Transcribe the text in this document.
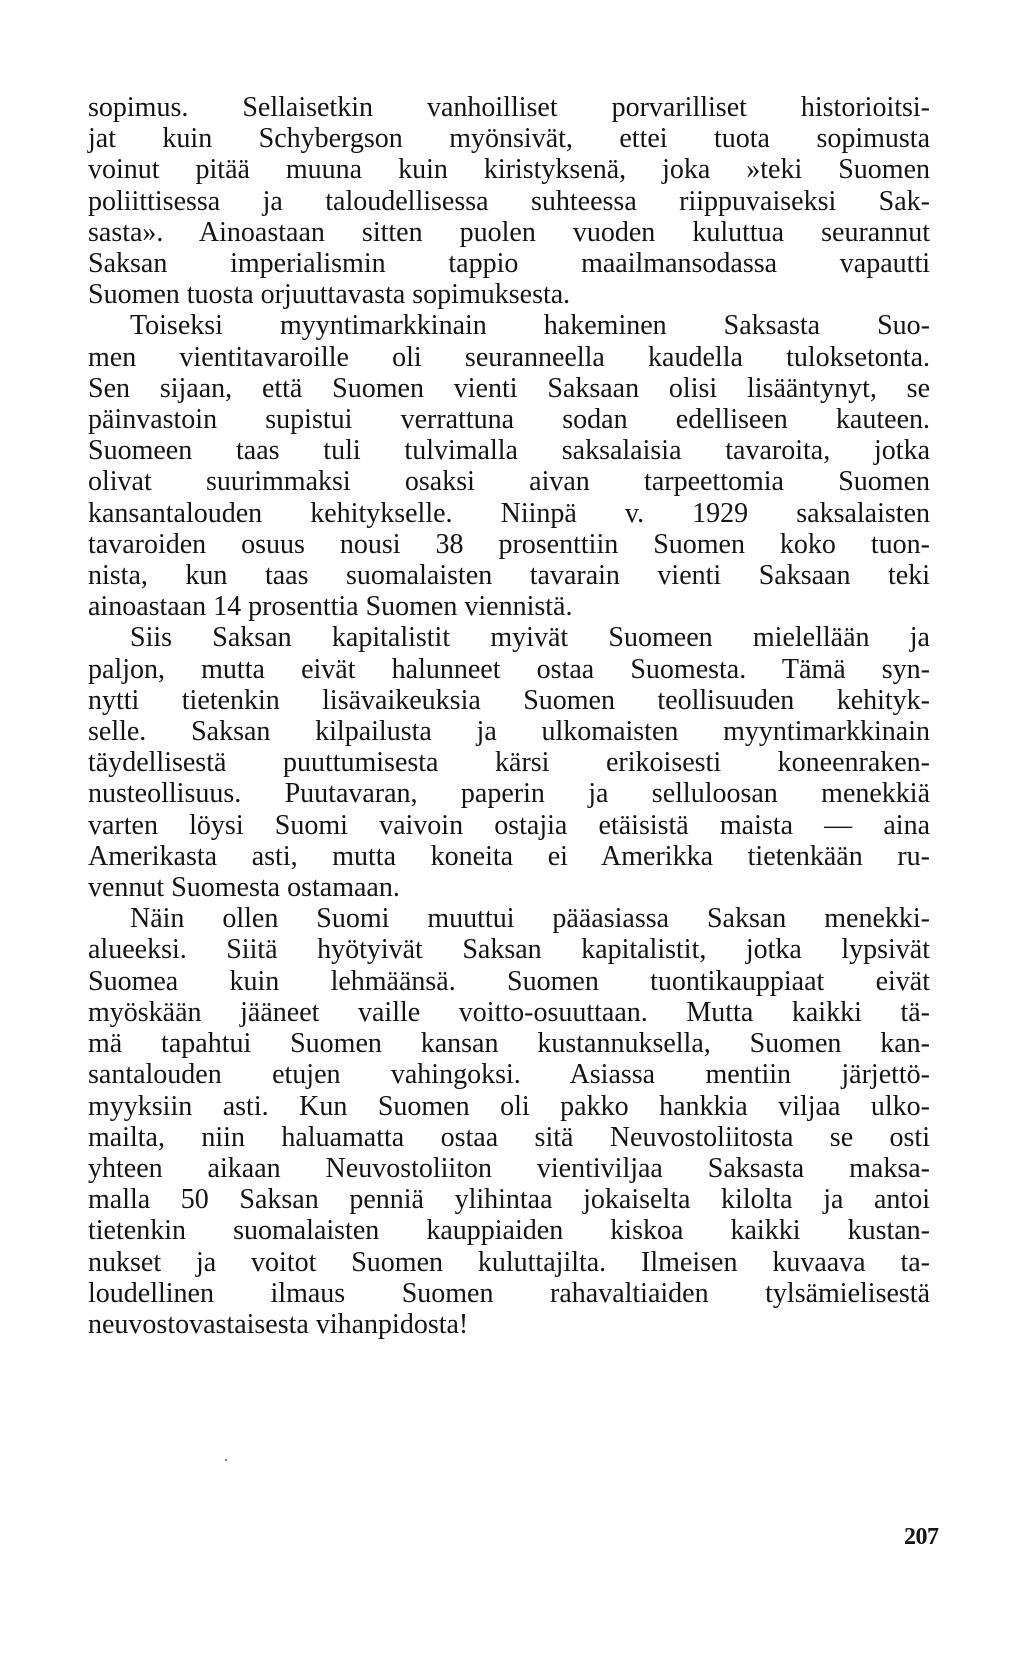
sopimus. Sellaisetkin vanhoilliset porvarilliset historioitsi-
jat kuin Schybergson myönsivät, ettei tuota sopimusta
voinut pitää muuna kuin kiristyksenä, joka »teki Suomen
poliittisessa ja taloudellisessa suhteessa riippuvaiseksi Sak-
sasta». Ainoastaan sitten puolen vuoden kuluttua seurannut
Saksan imperialismin tappio maailmansodassa vapautti
Suomen tuosta orjuuttavasta sopimuksesta.

Toiseksi myyntimarkkinain hakeminen Saksasta Suo-
men vientitavaroille oli seuranneella kaudella tuloksetonta.
Sen sijaan, että Suomen vienti Saksaan olisi lisääntynyt, se
päinvastoin supistui verrattuna sodan edelliseen kauteen.
Suomeen taas tuli tulvimalla saksalaisia tavaroita, jotka
olivat suurimmaksi osaksi aivan tarpeettomia Suomen
kansantalouden kehitykselle. Niinpä v. 1929 saksalaisten
tavaroiden osuus nousi 38 prosenttiin Suomen koko tuon-
nista, kun taas suomalaisten tavarain vienti Saksaan teki
ainoastaan 14 prosenttia Suomen viennistä.

Siis Saksan kapitalistit myivät Suomeen mielellään ja
paljon, mutta eivät halunneet ostaa Suomesta. Tämä syn-
nytti tietenkin lisävaikeuksia Suomen teollisuuden kehityk-
selle. Saksan kilpailusta ja ulkomaisten myyntimarkkinain
täydellisestä puuttumisesta kärsi erikoisesti koneenraken-
nusteollisuus. Puutavaran, paperin ja selluloosan menekkiä
varten löysi Suomi vaivoin ostajia etäisistä maista — aina
Amerikasta asti, mutta koneita ei Amerikka tietenkään ru-
vennut Suomesta ostamaan.

Näin ollen Suomi muuttui pääasiassa Saksan menekki-
alueeksi. Siitä hyötyivät Saksan kapitalistit, jotka lypsivät
Suomea kuin lehmäänsä. Suomen tuontikauppiaat eivät
myöskään jääneet vaille voitto-osuuttaan. Mutta kaikki tä-
mä tapahtui Suomen kansan kustannuksella, Suomen kan-
santalouden etujen vahingoksi. Asiassa mentiin järjettö-
myyksiin asti. Kun Suomen oli pakko hankkia viljaa ulko-
mailta, niin haluamatta ostaa sitä Neuvostoliitosta se osti
yhteen aikaan Neuvostoliiton vientiviljaa Saksasta maksa-
malla 50 Saksan penniä ylihintaa jokaiselta kilolta ja antoi
tietenkin suomalaisten kauppiaiden kiskoa kaikki kustan-
nukset ja voitot Suomen kuluttajilta. Ilmeisen kuvaava ta-
loudellinen ilmaus Suomen rahavaltiaiden tylsämielisestä
neuvostovastaisesta vihanpidosta!

207
